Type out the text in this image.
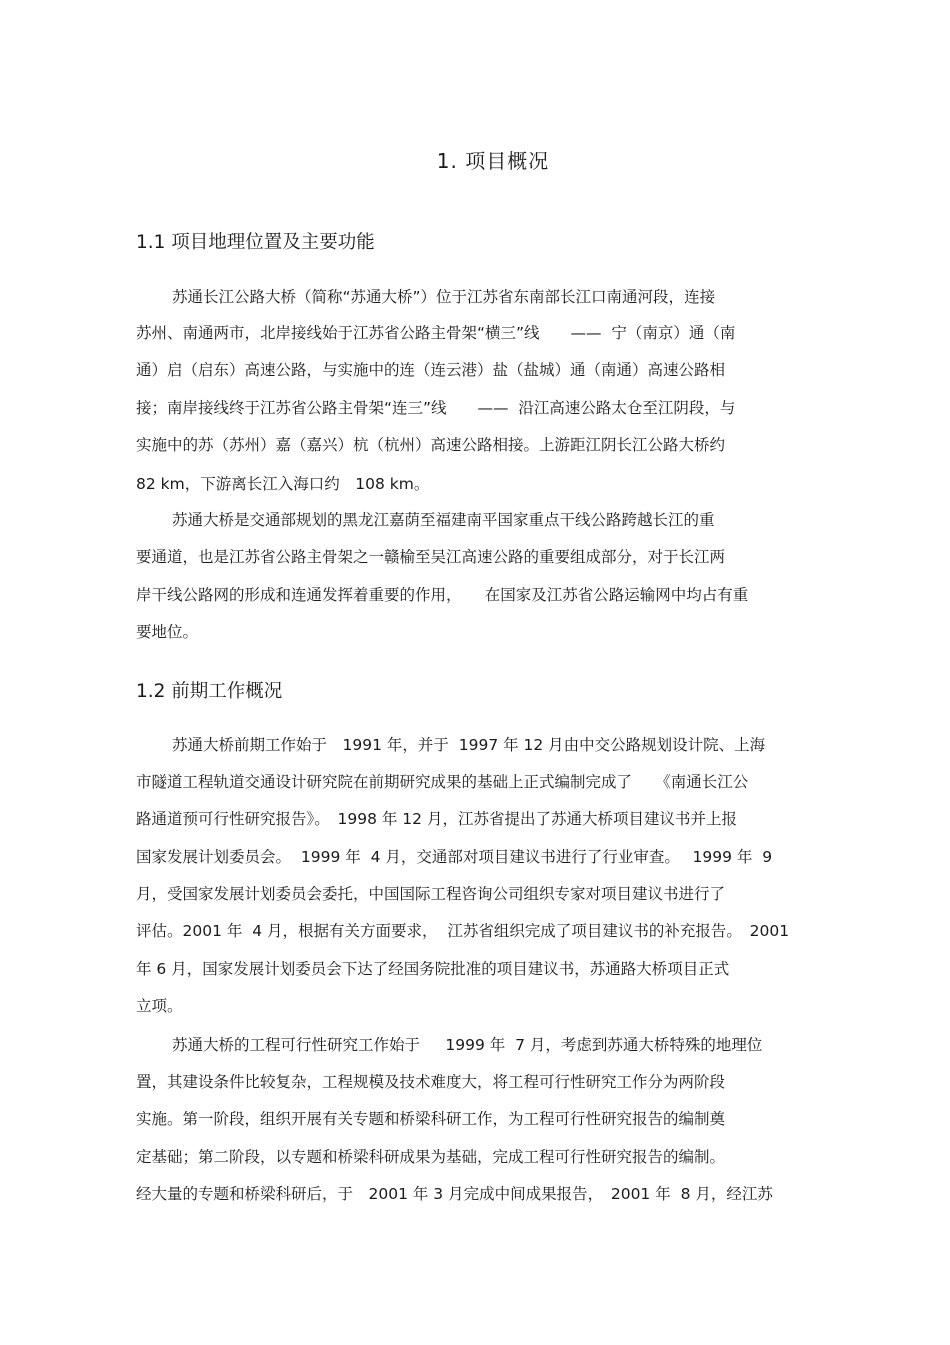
1. 项目概况
1.1 项目地理位置及主要功能
苏通长江公路大桥（简称“苏通大桥”）位于江苏省东南部长江口南通河段，连接
苏州、南通两市，北岸接线始于江苏省公路主骨架“横三”线　　——  宁（南京）通（南
通）启（启东）高速公路，与实施中的连（连云港）盐（盐城）通（南通）高速公路相
接；南岸接线终于江苏省公路主骨架“连三”线　　——  沿江高速公路太仓至江阴段，与
实施中的苏（苏州）嘉（嘉兴）杭（杭州）高速公路相接。上游距江阴长江公路大桥约
82 km，下游离长江入海口约　108 km。
苏通大桥是交通部规划的黑龙江嘉荫至福建南平国家重点干线公路跨越长江的重
要通道，也是江苏省公路主骨架之一赣榆至吴江高速公路的重要组成部分，对于长江两
岸干线公路网的形成和连通发挥着重要的作用，　　在国家及江苏省公路运输网中均占有重
要地位。
1.2 前期工作概况
苏通大桥前期工作始于　1991 年，并于  1997 年 12 月由中交公路规划设计院、上海
市隧道工程轨道交通设计研究院在前期研究成果的基础上正式编制完成了　　《南通长江公
路通道预可行性研究报告》。　1998 年 12 月，江苏省提出了苏通大桥项目建议书并上报
国家发展计划委员会。  1999 年  4 月，交通部对项目建议书进行了行业审查。　 1999 年  9
月，受国家发展计划委员会委托，中国国际工程咨询公司组织专家对项目建议书进行了
评估。2001 年  4 月，根据有关方面要求，  江苏省组织完成了项目建议书的补充报告。　2001
年 6 月，国家发展计划委员会下达了经国务院批准的项目建议书，苏通路大桥项目正式
立项。
苏通大桥的工程可行性研究工作始于　  1999 年  7 月，考虑到苏通大桥特殊的地理位
置，其建设条件比较复杂，工程规模及技术难度大，将工程可行性研究工作分为两阶段
实施。第一阶段，组织开展有关专题和桥梁科研工作，为工程可行性研究报告的编制奠
定基础；第二阶段，以专题和桥梁科研成果为基础，完成工程可行性研究报告的编制。
经大量的专题和桥梁科研后，于　2001 年 3 月完成中间成果报告，　2001 年  8 月，经江苏
